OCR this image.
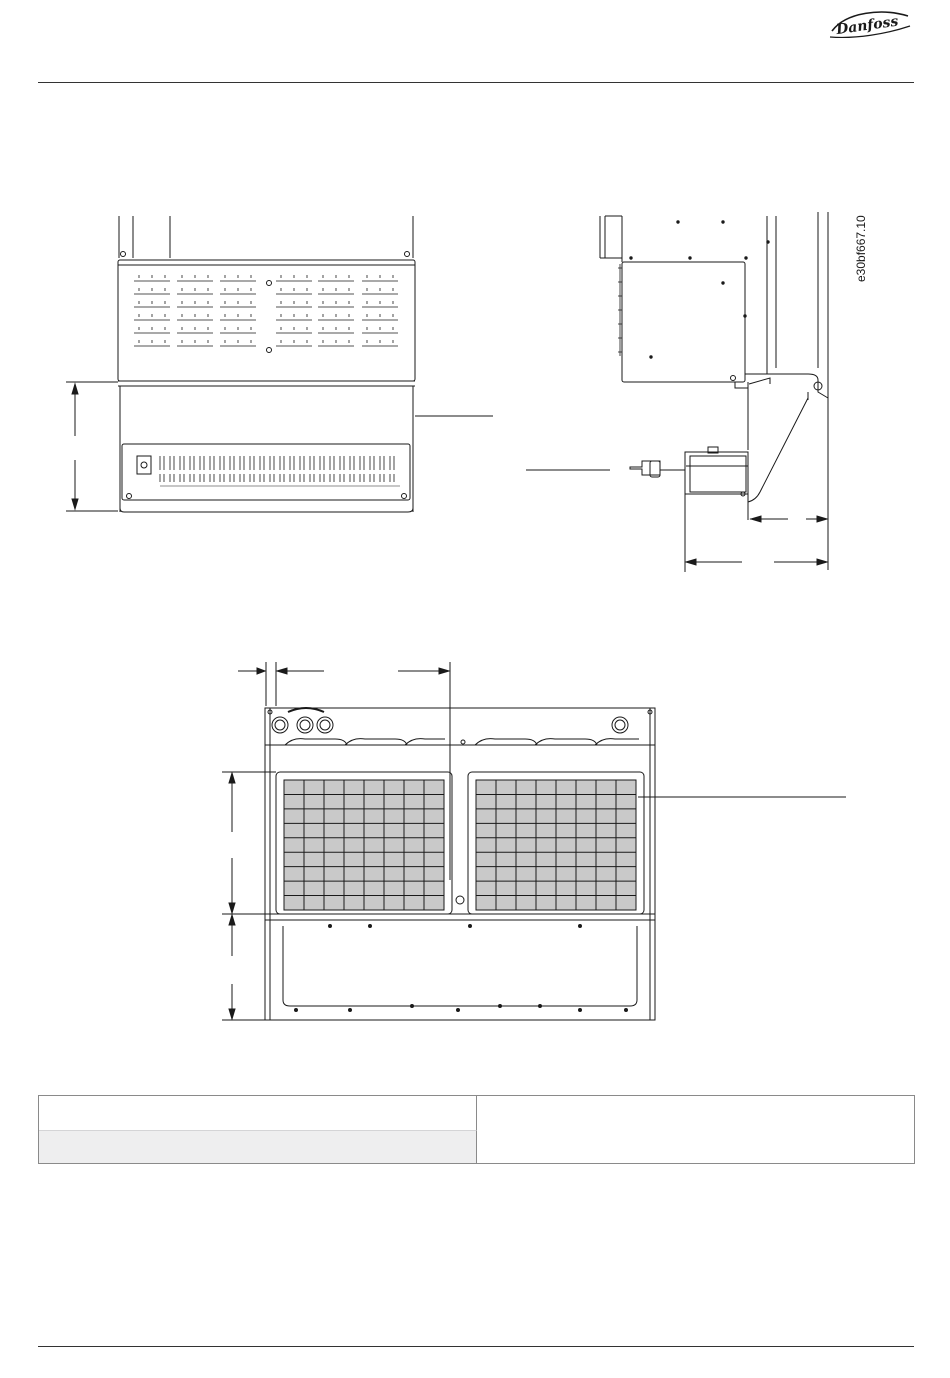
Danfoss
e30bf667.10
